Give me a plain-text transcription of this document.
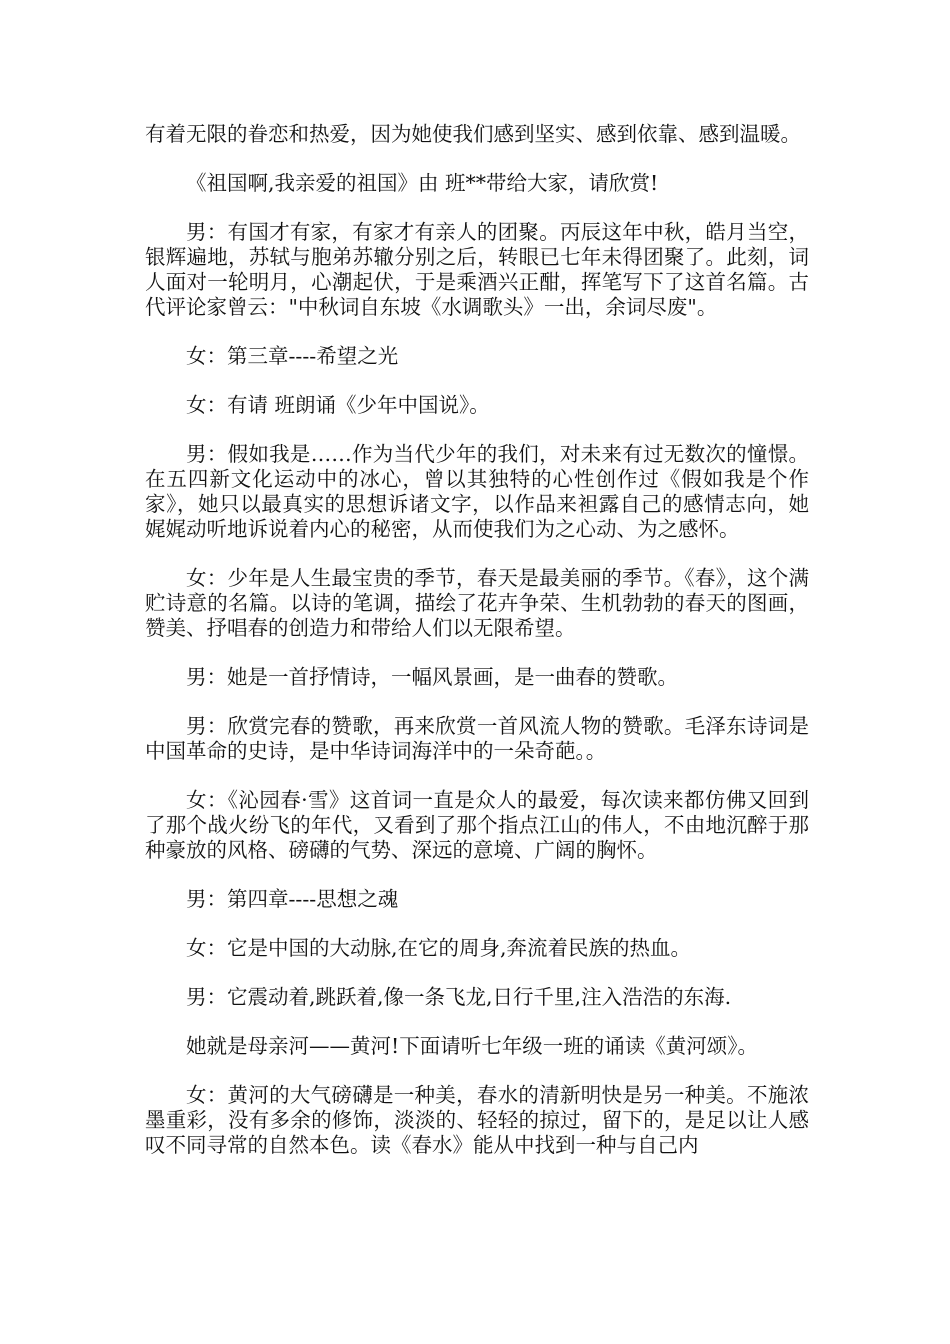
有着无限的眷恋和热爱，因为她使我们感到坚实、感到依靠、感到温暖。

《祖国啊,我亲爱的祖国》由 班**带给大家，请欣赏!

男：有国才有家，有家才有亲人的团聚。丙辰这年中秋，皓月当空，银辉遍地，苏轼与胞弟苏辙分别之后，转眼已七年未得团聚了。此刻，词人面对一轮明月，心潮起伏，于是乘酒兴正酣，挥笔写下了这首名篇。古代评论家曾云："中秋词自东坡《水调歌头》一出，余词尽废"。

女：第三章----希望之光

女：有请 班朗诵《少年中国说》。

男：假如我是……作为当代少年的我们，对未来有过无数次的憧憬。在五四新文化运动中的冰心，曾以其独特的心性创作过《假如我是个作家》，她只以最真实的思想诉诸文字，以作品来袒露自己的感情志向，她娓娓动听地诉说着内心的秘密，从而使我们为之心动、为之感怀。

女：少年是人生最宝贵的季节，春天是最美丽的季节。《春》，这个满贮诗意的名篇。以诗的笔调，描绘了花卉争荣、生机勃勃的春天的图画，赞美、抒唱春的创造力和带给人们以无限希望。

男：她是一首抒情诗，一幅风景画，是一曲春的赞歌。

男：欣赏完春的赞歌，再来欣赏一首风流人物的赞歌。毛泽东诗词是中国革命的史诗，是中华诗词海洋中的一朵奇葩。。

女：《沁园春·雪》这首词一直是众人的最爱，每次读来都仿佛又回到了那个战火纷飞的年代，又看到了那个指点江山的伟人，不由地沉醉于那种豪放的风格、磅礴的气势、深远的意境、广阔的胸怀。

男：第四章----思想之魂

女：它是中国的大动脉,在它的周身,奔流着民族的热血。

男：它震动着,跳跃着,像一条飞龙,日行千里,注入浩浩的东海.

她就是母亲河——黄河!下面请听七年级一班的诵读《黄河颂》。

女：黄河的大气磅礴是一种美，春水的清新明快是另一种美。不施浓墨重彩，没有多余的修饰，淡淡的、轻轻的掠过，留下的，是足以让人感叹不同寻常的自然本色。读《春水》能从中找到一种与自己内
